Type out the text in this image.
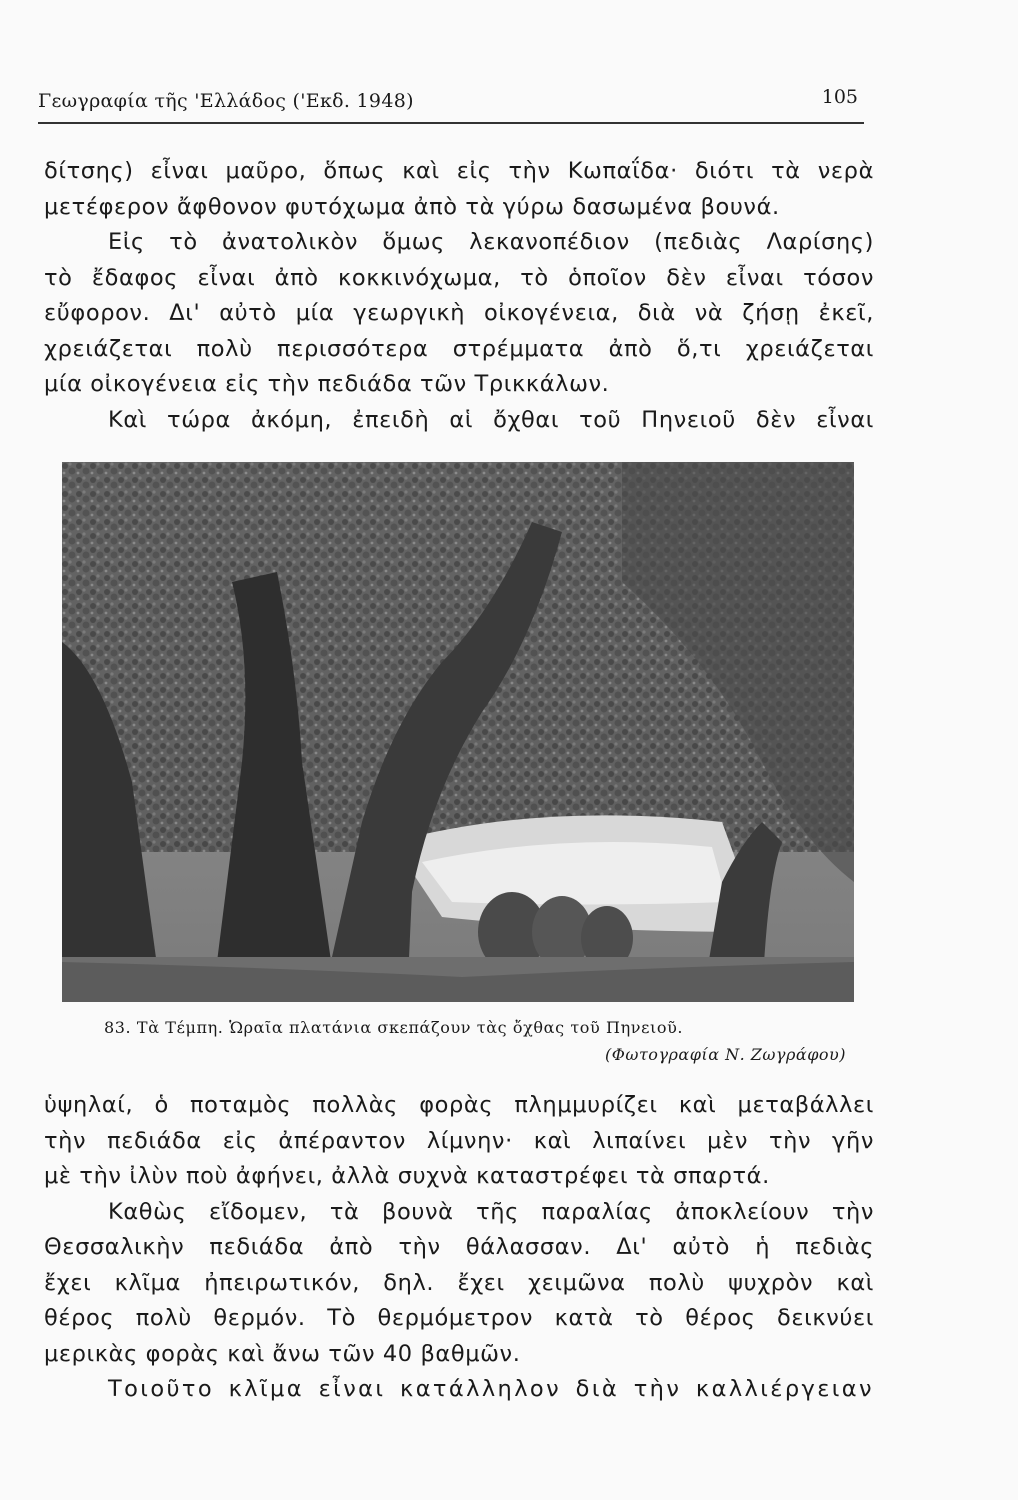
Γεωγραφία τῆς 'Ελλάδος ('Εκδ. 1948)	105

δίτσης) εἶναι μαῦρο, ὅπως καὶ εἰς τὴν Κωπαΐδα· διότι τὰ νερὰ
μετέφερον ἄφθονον φυτόχωμα ἀπὸ τὰ γύρω δασωμένα βουνά.

Εἰς τὸ ἀνατολικὸν ὅμως λεκανοπέδιον (πεδιὰς Λαρίσης)
τὸ ἔδαφος εἶναι ἀπὸ κοκκινόχωμα, τὸ ὁποῖον δὲν εἶναι τόσον
εὔφορον. Δι' αὐτὸ μία γεωργικὴ οἰκογένεια, διὰ νὰ ζήσῃ ἐκεῖ,
χρειάζεται πολὺ περισσότερα στρέμματα ἀπὸ ὅ,τι χρειάζεται
μία οἰκογένεια εἰς τὴν πεδιάδα τῶν Τρικκάλων.

Καὶ τώρα ἀκόμη, ἐπειδὴ αἱ ὄχθαι τοῦ Πηνειοῦ δὲν εἶναι

83. Τὰ Τέμπη. Ὡραῖα πλατάνια σκεπάζουν τὰς ὄχθας τοῦ Πηνειοῦ.
(Φωτογραφία Ν. Ζωγράφου)

ὑψηλαί, ὁ ποταμὸς πολλὰς φορὰς πλημμυρίζει καὶ μεταβάλλει
τὴν πεδιάδα εἰς ἀπέραντον λίμνην· καὶ λιπαίνει μὲν τὴν γῆν
μὲ τὴν ἰλὺν ποὺ ἀφήνει, ἀλλὰ συχνὰ καταστρέφει τὰ σπαρτά.

Καθὼς εἴδομεν, τὰ βουνὰ τῆς παραλίας ἀποκλείουν τὴν
Θεσσαλικὴν πεδιάδα ἀπὸ τὴν θάλασσαν. Δι' αὐτὸ ἡ πεδιὰς
ἔχει κλῖμα ἠπειρωτικόν, δηλ. ἔχει χειμῶνα πολὺ ψυχρὸν καὶ
θέρος πολὺ θερμόν. Τὸ θερμόμετρον κατὰ τὸ θέρος δεικνύει
μερικὰς φορὰς καὶ ἄνω τῶν 40 βαθμῶν.

Τοιοῦτο κλῖμα εἶναι κατάλληλον διὰ τὴν καλλιέργειαν
